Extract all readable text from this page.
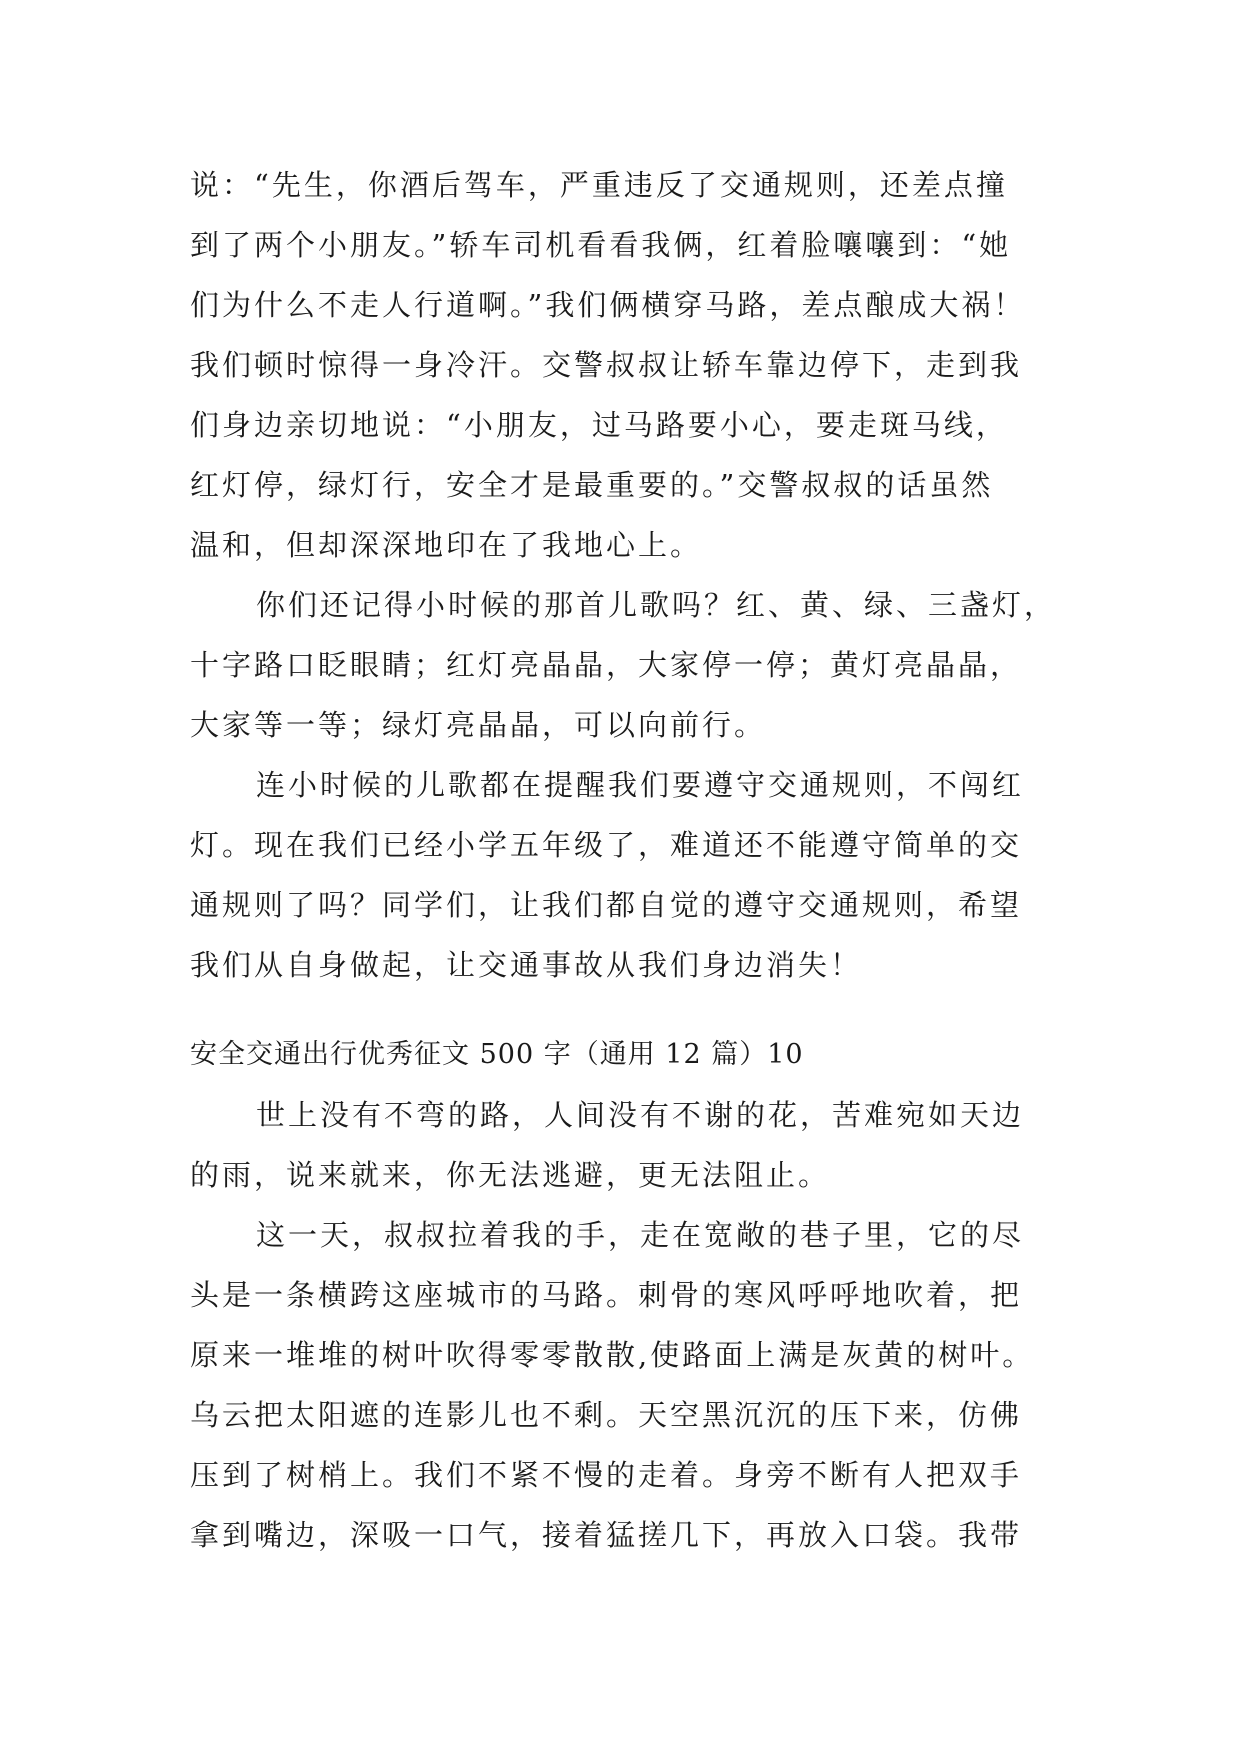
说：“先生，你酒后驾车，严重违反了交通规则，还差点撞
到了两个小朋友。”轿车司机看看我俩，红着脸嚷嚷到：“她
们为什么不走人行道啊。”我们俩横穿马路，差点酿成大祸！
我们顿时惊得一身冷汗。交警叔叔让轿车靠边停下，走到我
们身边亲切地说：“小朋友，过马路要小心，要走斑马线，
红灯停，绿灯行，安全才是最重要的。”交警叔叔的话虽然
温和，但却深深地印在了我地心上。
你们还记得小时候的那首儿歌吗？红、黄、绿、三盏灯，
十字路口眨眼睛；红灯亮晶晶，大家停一停；黄灯亮晶晶，
大家等一等；绿灯亮晶晶，可以向前行。
连小时候的儿歌都在提醒我们要遵守交通规则，不闯红
灯。现在我们已经小学五年级了，难道还不能遵守简单的交
通规则了吗？同学们，让我们都自觉的遵守交通规则，希望
我们从自身做起，让交通事故从我们身边消失！
安全交通出行优秀征文 500 字（通用 12 篇）10
世上没有不弯的路，人间没有不谢的花，苦难宛如天边
的雨，说来就来，你无法逃避，更无法阻止。
这一天，叔叔拉着我的手，走在宽敞的巷子里，它的尽
头是一条横跨这座城市的马路。刺骨的寒风呼呼地吹着，把
原来一堆堆的树叶吹得零零散散,使路面上满是灰黄的树叶。
乌云把太阳遮的连影儿也不剩。天空黑沉沉的压下来，仿佛
压到了树梢上。我们不紧不慢的走着。身旁不断有人把双手
拿到嘴边，深吸一口气，接着猛搓几下，再放入口袋。我带
